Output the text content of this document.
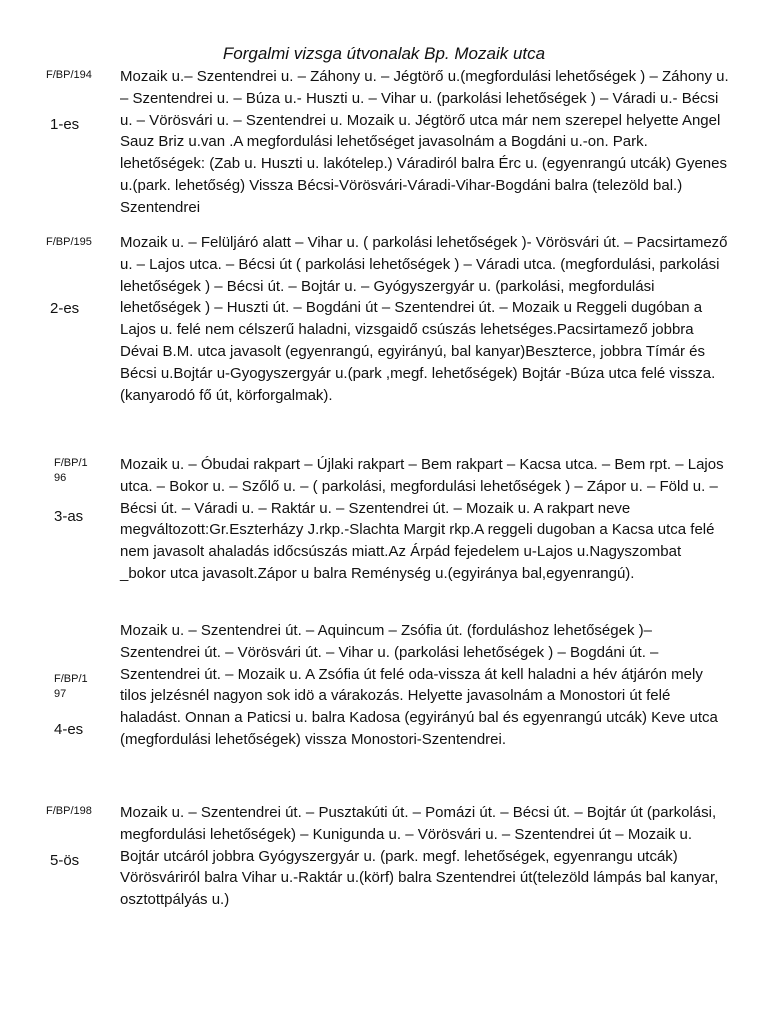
Forgalmi vizsga útvonalak Bp. Mozaik utca
F/BP/194
1-es

Mozaik u.– Szentendrei u. – Záhony u. – Jégtörő u.(megfordulási lehetőségek ) – Záhony u. – Szentendrei u. – Búza u.- Huszti u. – Vihar u. (parkolási lehetőségek ) – Váradi u.- Bécsi u. – Vörösvári u. – Szentendrei u. Mozaik u. Jégtörő utca már nem szerepel helyette Angel Sauz Briz u.van .A megfordulási lehetőséget javasolnám a Bogdáni u.-on. Park. lehetőségek: (Zab u. Huszti u. lakótelep.) Váradiról balra Érc u. (egyenrangú utcák) Gyenes u.(park. lehetőség) Vissza Bécsi-Vörösvári-Váradi-Vihar-Bogdáni balra (telezöld bal.) Szentendrei

F/BP/195
2-es

Mozaik u. – Felüljáró alatt – Vihar u. ( parkolási lehetőségek )- Vörösvári út. – Pacsirtamező u. – Lajos utca. – Bécsi út ( parkolási lehetőségek ) – Váradi utca. (megfordulási, parkolási lehetőségek ) – Bécsi út. – Bojtár u. – Gyógyszergyár u. (parkolási, megfordulási lehetőségek ) – Huszti út. – Bogdáni út – Szentendrei út. – Mozaik u Reggeli dugóban a Lajos u. felé nem célszerű haladni, vizsgaidő csúszás lehetséges.Pacsirtamező jobbra Dévai B.M. utca javasolt (egyenrangú, egyirányú, bal kanyar)Beszterce, jobbra Tímár és Bécsi u.Bojtár u-Gyogyszergyár u.(park ,megf. lehetőségek) Bojtár -Búza utca felé vissza. (kanyarodó fő út, körforgalmak).

F/BP/196
3-as

Mozaik u. – Óbudai rakpart – Újlaki rakpart – Bem rakpart – Kacsa utca. – Bem rpt. – Lajos utca. – Bokor u. – Szőlő u. – ( parkolási, megfordulási lehetőségek ) – Zápor u. – Föld u. – Bécsi út. – Váradi u. – Raktár u. – Szentendrei út. – Mozaik u. A rakpart neve megváltozott:Gr.Eszterházy J.rkp.-Slachta Margit rkp.A reggeli dugoban a Kacsa utca felé nem javasolt ahaladás időcsúszás miatt.Az Árpád fejedelem u-Lajos u.Nagyszombat _bokor utca javasolt.Zápor u balra Reménység u.(egyiránya bal,egyenrangú).

F/BP/197
4-es

Mozaik u. – Szentendrei út. – Aquincum – Zsófia út. (forduláshoz lehetőségek )– Szentendrei út. – Vörösvári út. – Vihar u. (parkolási lehetőségek ) – Bogdáni út. – Szentendrei út. – Mozaik u. A Zsófia út felé oda-vissza át kell haladni a hév átjárón mely tilos jelzésnél nagyon sok idö a várakozás. Helyette javasolnám a Monostori út felé haladást. Onnan a Paticsi u. balra Kadosa (egyirányú bal és egyenrangú utcák) Keve utca (megfordulási lehetőségek) vissza Monostori-Szentendrei.

F/BP/198
5-ös

Mozaik u. – Szentendrei út. – Pusztakúti út. – Pomázi út. – Bécsi út. – Bojtár út (parkolási, megfordulási lehetőségek) – Kunigunda u. – Vörösvári u. – Szentendrei út – Mozaik u. Bojtár utcáról jobbra Gyógyszergyár u. (park. megf. lehetőségek, egyenrangu utcák) Vörösváriról balra Vihar u.-Raktár u.(körf) balra Szentendrei út(telezöld lámpás bal kanyar, osztottpályás u.)
